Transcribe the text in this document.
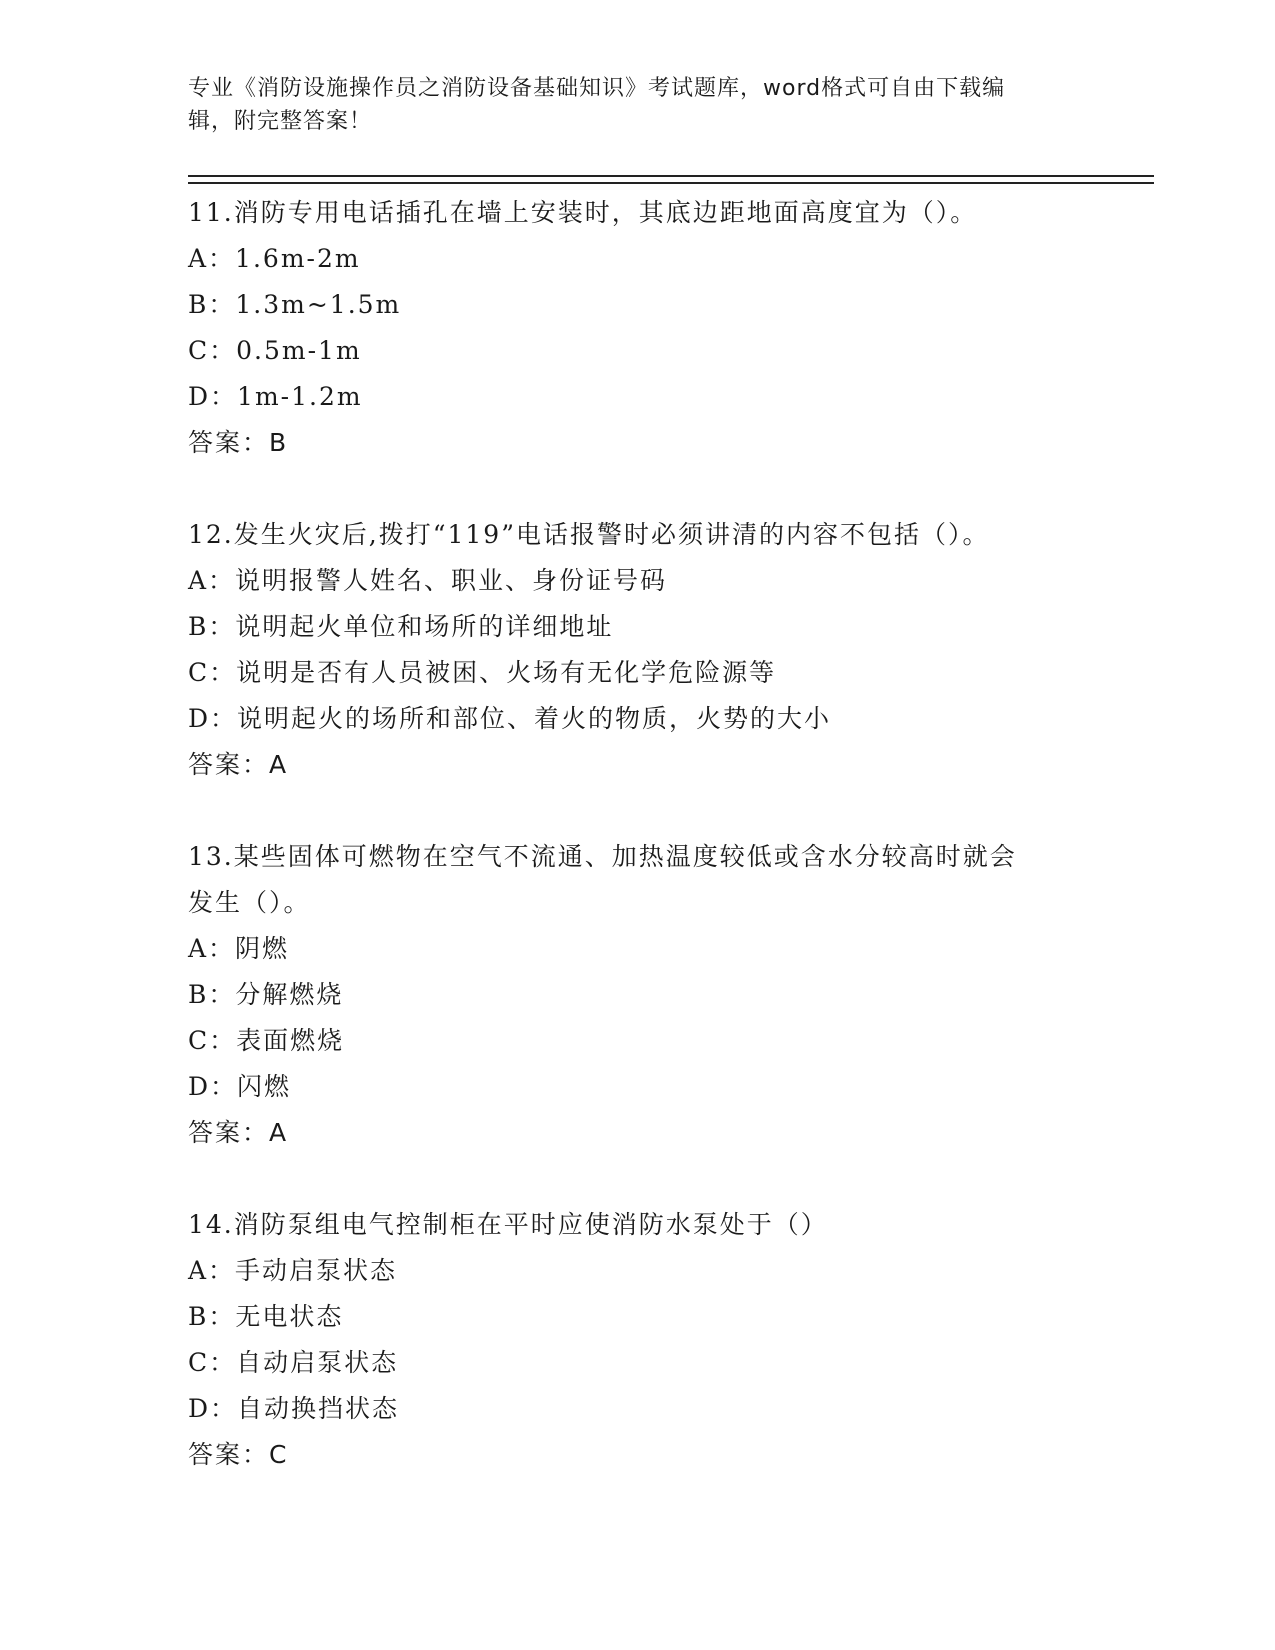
专业《消防设施操作员之消防设备基础知识》考试题库，word格式可自由下载编
辑，附完整答案！
11.消防专用电话插孔在墙上安装时，其底边距地面高度宜为（）。
A：1.6m-2m
B：1.3m~1.5m
C：0.5m-1m
D：1m-1.2m
答案：B
12.发生火灾后,拨打“119”电话报警时必须讲清的内容不包括（）。
A：说明报警人姓名、职业、身份证号码
B：说明起火单位和场所的详细地址
C：说明是否有人员被困、火场有无化学危险源等
D：说明起火的场所和部位、着火的物质，火势的大小
答案：A
13.某些固体可燃物在空气不流通、加热温度较低或含水分较高时就会
发生（）。
A：阴燃
B：分解燃烧
C：表面燃烧
D：闪燃
答案：A
14.消防泵组电气控制柜在平时应使消防水泵处于（）
A：手动启泵状态
B：无电状态
C：自动启泵状态
D：自动换挡状态
答案：C
